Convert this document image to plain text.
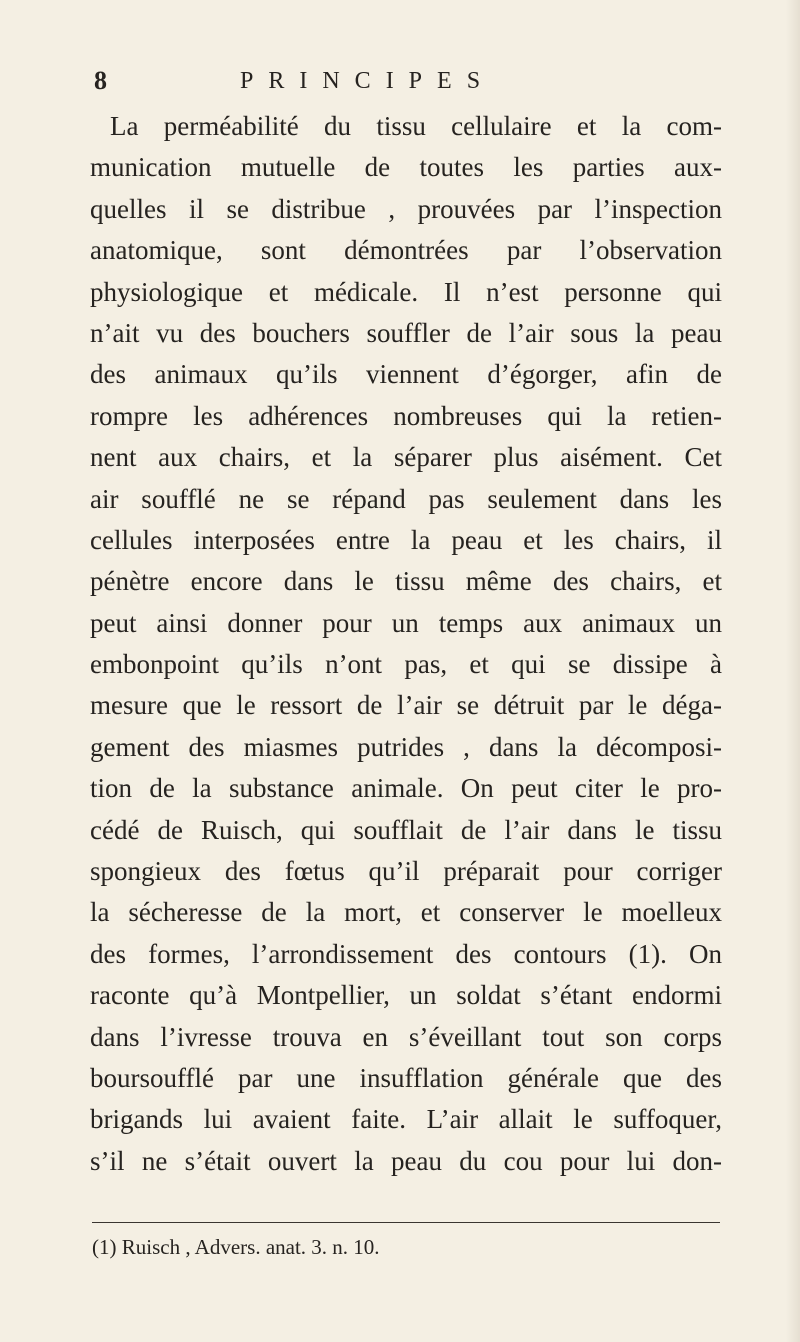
8	PRINCIPES
La perméabilité du tissu cellulaire et la com-
munication mutuelle de toutes les parties aux-
quelles il se distribue , prouvées par l’inspection
anatomique, sont démontrées par l’observation
physiologique et médicale. Il n’est personne qui
n’ait vu des bouchers souffler de l’air sous la peau
des animaux qu’ils viennent d’égorger, afin de
rompre les adhérences nombreuses qui la retien-
nent aux chairs, et la séparer plus aisément. Cet
air soufflé ne se répand pas seulement dans les
cellules interposées entre la peau et les chairs, il
pénètre encore dans le tissu même des chairs, et
peut ainsi donner pour un temps aux animaux un
embonpoint qu’ils n’ont pas, et qui se dissipe à
mesure que le ressort de l’air se détruit par le déga-
gement des miasmes putrides , dans la décomposi-
tion de la substance animale. On peut citer le pro-
cédé de Ruisch, qui soufflait de l’air dans le tissu
spongieux des fœtus qu’il préparait pour corriger
la sécheresse de la mort, et conserver le moelleux
des formes, l’arrondissement des contours (1). On
raconte qu’à Montpellier, un soldat s’étant endormi
dans l’ivresse trouva en s’éveillant tout son corps
boursoufflé par une insufflation générale que des
brigands lui avaient faite. L’air allait le suffoquer,
s’il ne s’était ouvert la peau du cou pour lui don-
(1) Ruisch , Advers. anat. 3. n. 10.
